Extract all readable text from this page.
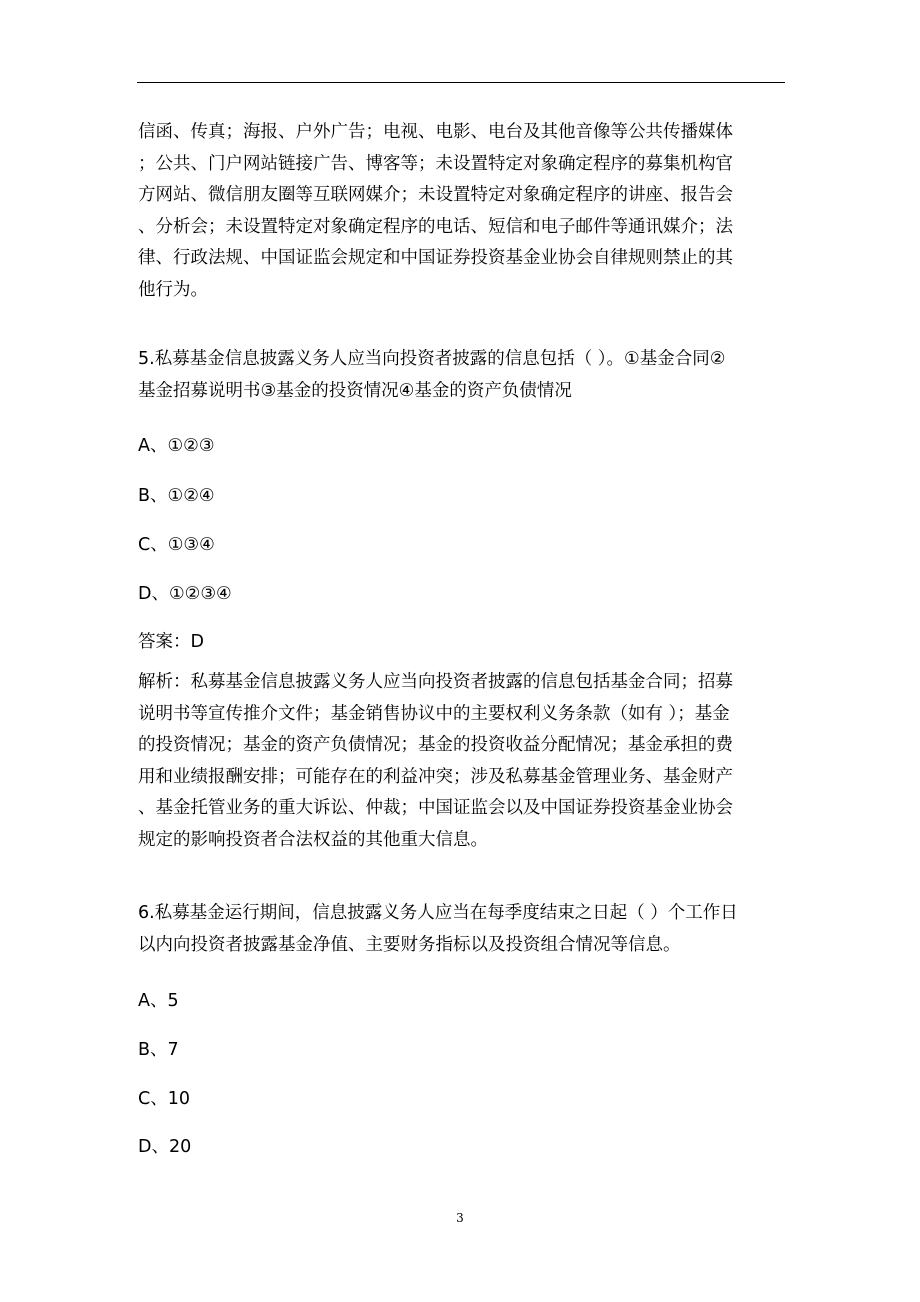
信函、传真；海报、户外广告；电视、电影、电台及其他音像等公共传播媒体
；公共、门户网站链接广告、博客等；未设置特定对象确定程序的募集机构官
方网站、微信朋友圈等互联网媒介；未设置特定对象确定程序的讲座、报告会
、分析会；未设置特定对象确定程序的电话、短信和电子邮件等通讯媒介；法
律、行政法规、中国证监会规定和中国证券投资基金业协会自律规则禁止的其
他行为。
5.私募基金信息披露义务人应当向投资者披露的信息包括（ ）。①基金合同②
基金招募说明书③基金的投资情况④基金的资产负债情况

A、①②③

B、①②④

C、①③④

D、①②③④

答案：D

解析：私募基金信息披露义务人应当向投资者披露的信息包括基金合同；招募
说明书等宣传推介文件；基金销售协议中的主要权利义务条款（如有 ）；基金
的投资情况；基金的资产负债情况；基金的投资收益分配情况；基金承担的费
用和业绩报酬安排；可能存在的利益冲突；涉及私募基金管理业务、基金财产
、基金托管业务的重大诉讼、仲裁；中国证监会以及中国证券投资基金业协会
规定的影响投资者合法权益的其他重大信息。
6.私募基金运行期间，信息披露义务人应当在每季度结束之日起（ ）个工作日
以内向投资者披露基金净值、主要财务指标以及投资组合情况等信息。

A、5

B、7

C、10

D、20

3
